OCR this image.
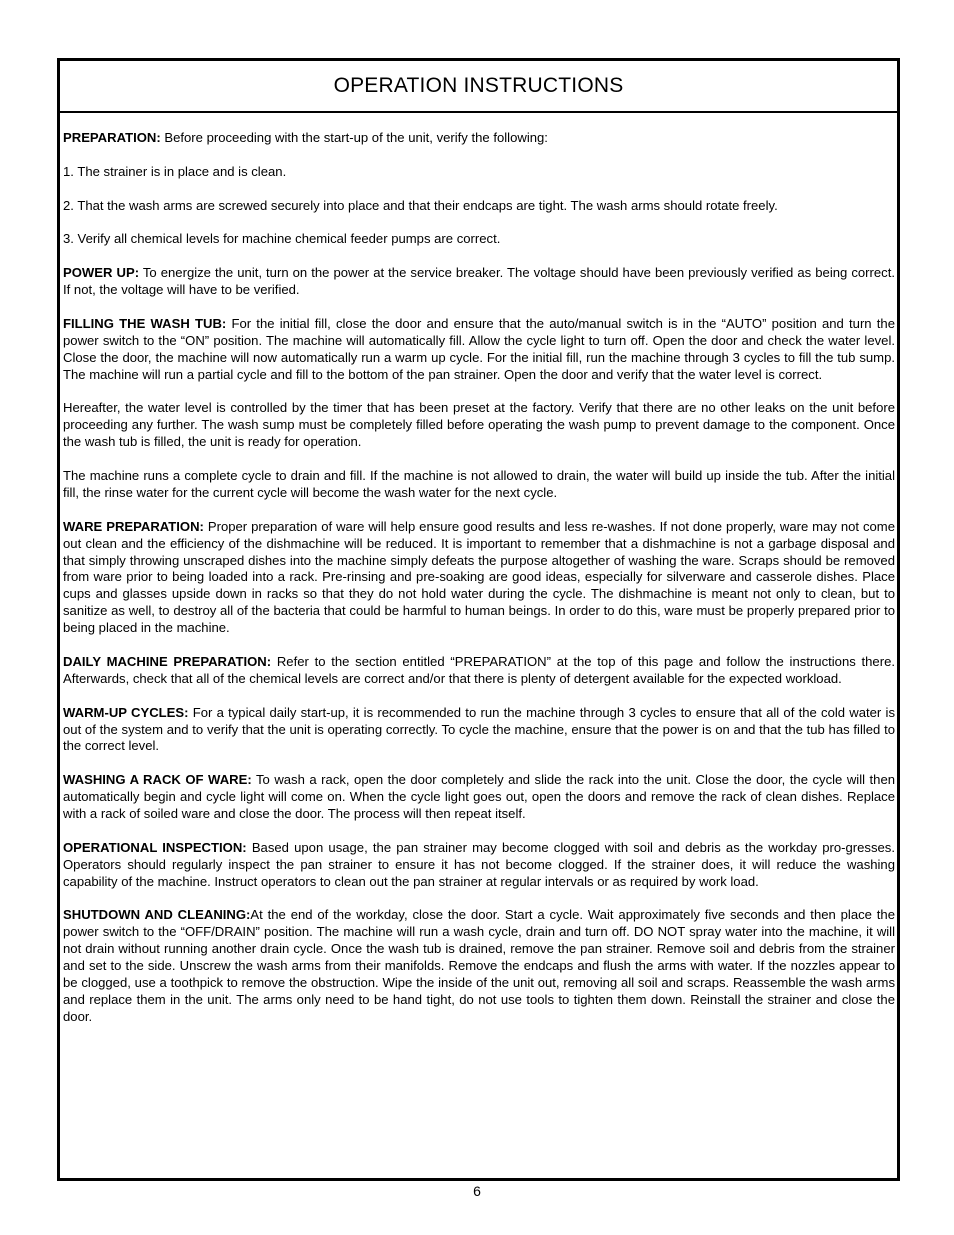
OPERATION INSTRUCTIONS

PREPARATION: Before proceeding with the start-up of the unit, verify the following:

1. The strainer is in place and is clean.

2. That the wash arms are screwed securely into place and that their endcaps are tight. The wash arms should rotate freely.

3. Verify all chemical levels for machine chemical feeder pumps are correct.

POWER UP: To energize the unit, turn on the power at the service breaker. The voltage should have been previously verified as being correct. If not, the voltage will have to be verified.

FILLING THE WASH TUB: For the initial fill, close the door and ensure that the auto/manual switch is in the “AUTO” position and turn the power switch to the “ON” position. The machine will automatically fill. Allow the cycle light to turn off. Open the door and check the water level. Close the door, the machine will now automatically run a warm up cycle. For the initial fill, run the machine through 3 cycles to fill the tub sump. The machine will run a partial cycle and fill to the bottom of the pan strainer. Open the door and verify that the water level is correct.

Hereafter, the water level is controlled by the timer that has been preset at the factory. Verify that there are no other leaks on the unit before proceeding any further. The wash sump must be completely filled before operating the wash pump to prevent damage to the component. Once the wash tub is filled, the unit is ready for operation.

The machine runs a complete cycle to drain and fill. If the machine is not allowed to drain, the water will build up inside the tub. After the initial fill, the rinse water for the current cycle will become the wash water for the next cycle.

WARE PREPARATION: Proper preparation of ware will help ensure good results and less re-washes. If not done properly, ware may not come out clean and the efficiency of the dishmachine will be reduced. It is important to remember that a dishmachine is not a garbage disposal and that simply throwing unscraped dishes into the machine simply defeats the purpose altogether of washing the ware. Scraps should be removed from ware prior to being loaded into a rack. Pre-rinsing and pre-soaking are good ideas, especially for silverware and casserole dishes. Place cups and glasses upside down in racks so that they do not hold water during the cycle. The dishmachine is meant not only to clean, but to sanitize as well, to destroy all of the bacteria that could be harmful to human beings. In order to do this, ware must be properly prepared prior to being placed in the machine.

DAILY MACHINE PREPARATION: Refer to the section entitled “PREPARATION” at the top of this page and follow the instructions there. Afterwards, check that all of the chemical levels are correct and/or that there is plenty of detergent available for the expected workload.

WARM-UP CYCLES: For a typical daily start-up, it is recommended to run the machine through 3 cycles to ensure that all of the cold water is out of the system and to verify that the unit is operating correctly. To cycle the machine, ensure that the power is on and that the tub has filled to the correct level.

WASHING A RACK OF WARE: To wash a rack, open the door completely and slide the rack into the unit. Close the door, the cycle will then automatically begin and cycle light will come on. When the cycle light goes out, open the doors and remove the rack of clean dishes. Replace with a rack of soiled ware and close the door. The process will then repeat itself.

OPERATIONAL INSPECTION: Based upon usage, the pan strainer may become clogged with soil and debris as the workday pro-gresses. Operators should regularly inspect the pan strainer to ensure it has not become clogged. If the strainer does, it will reduce the washing capability of the machine. Instruct operators to clean out the pan strainer at regular intervals or as required by work load.

SHUTDOWN AND CLEANING:At the end of the workday, close the door. Start a cycle. Wait approximately five seconds and then place the power switch to the “OFF/DRAIN” position. The machine will run a wash cycle, drain and turn off. DO NOT spray water into the machine, it will not drain without running another drain cycle. Once the wash tub is drained, remove the pan strainer. Remove soil and debris from the strainer and set to the side. Unscrew the wash arms from their manifolds. Remove the endcaps and flush the arms with water. If the nozzles appear to be clogged, use a toothpick to remove the obstruction. Wipe the inside of the unit out, removing all soil and scraps. Reassemble the wash arms and replace them in the unit. The arms only need to be hand tight, do not use tools to tighten them down. Reinstall the strainer and close the door.

6
